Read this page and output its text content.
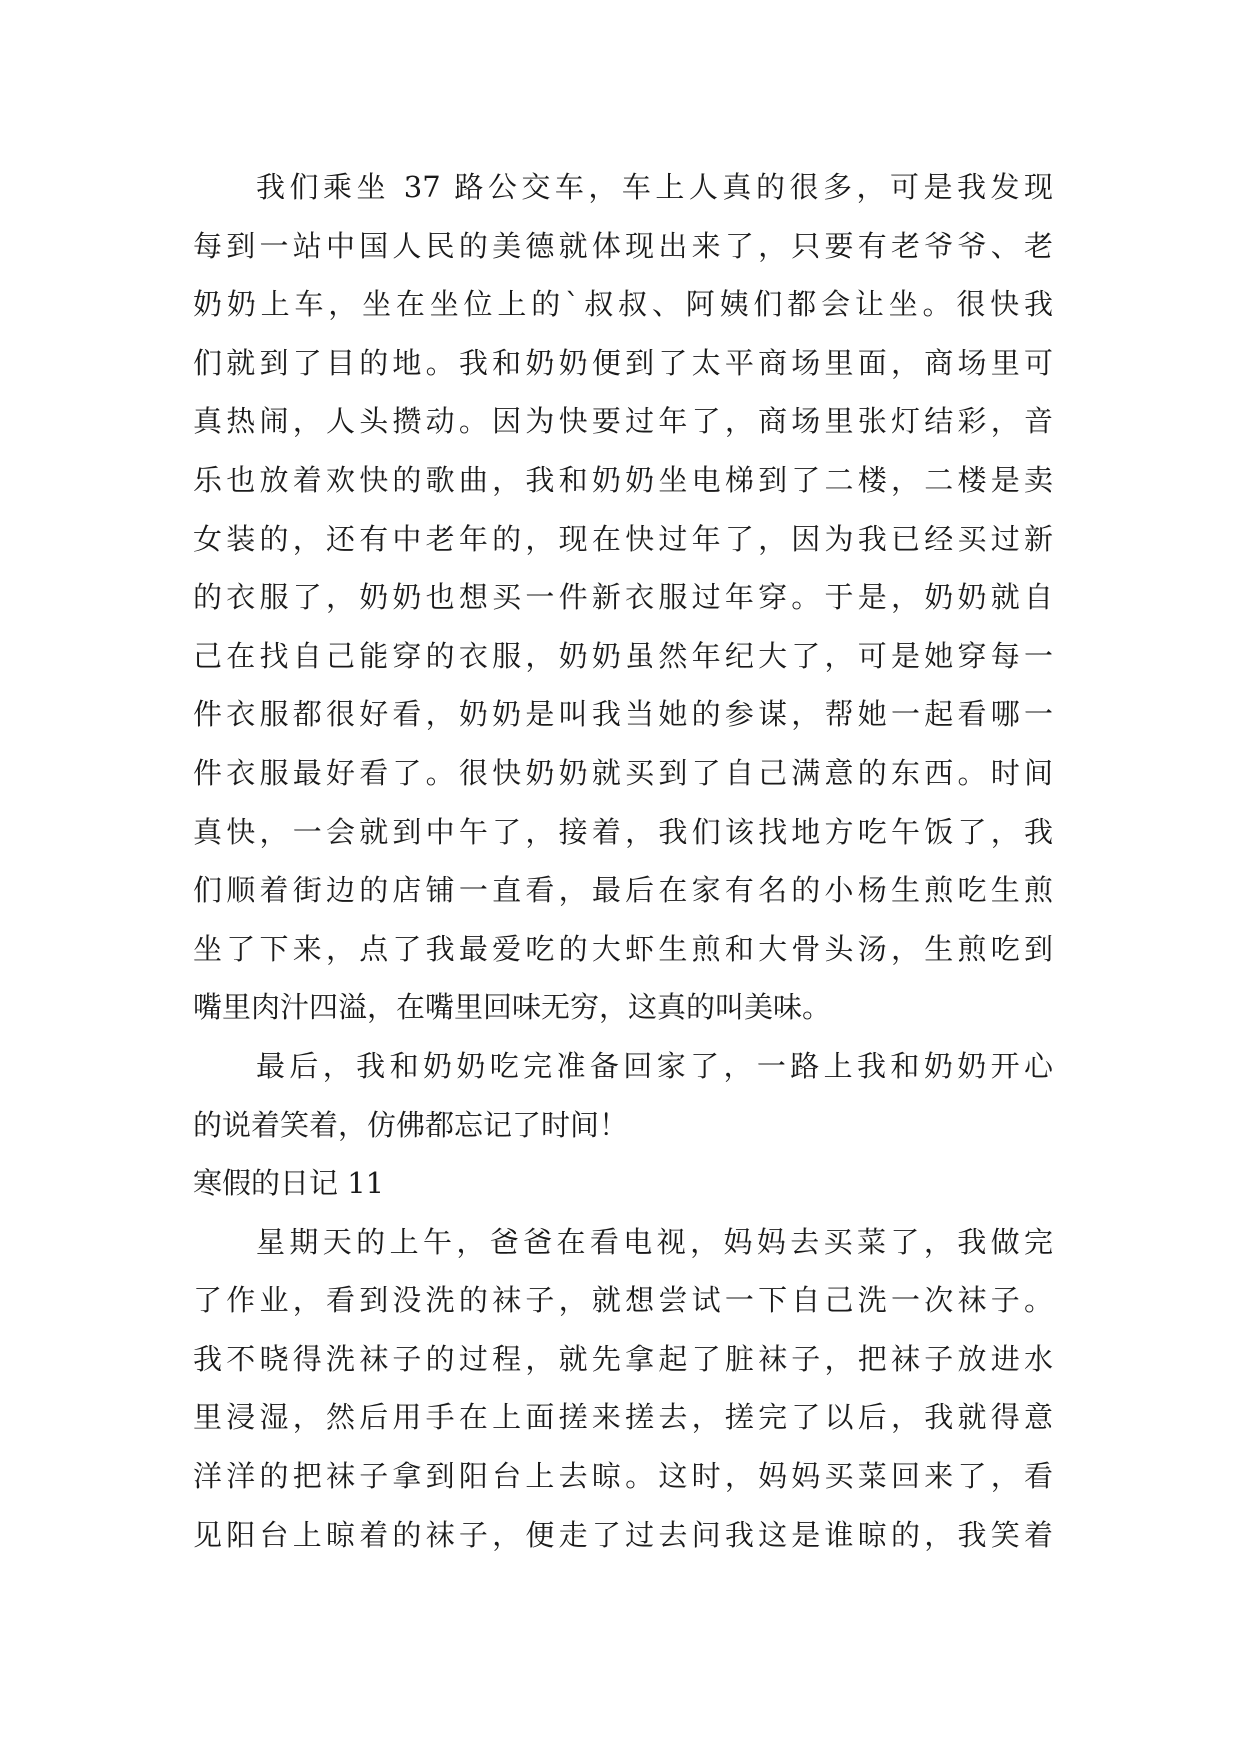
我们乘坐 37 路公交车，车上人真的很多，可是我发现
每到一站中国人民的美德就体现出来了，只要有老爷爷、老
奶奶上车，坐在坐位上的`叔叔、阿姨们都会让坐。很快我
们就到了目的地。我和奶奶便到了太平商场里面，商场里可
真热闹，人头攒动。因为快要过年了，商场里张灯结彩，音
乐也放着欢快的歌曲，我和奶奶坐电梯到了二楼，二楼是卖
女装的，还有中老年的，现在快过年了，因为我已经买过新
的衣服了，奶奶也想买一件新衣服过年穿。于是，奶奶就自
己在找自己能穿的衣服，奶奶虽然年纪大了，可是她穿每一
件衣服都很好看，奶奶是叫我当她的参谋，帮她一起看哪一
件衣服最好看了。很快奶奶就买到了自己满意的东西。时间
真快，一会就到中午了，接着，我们该找地方吃午饭了，我
们顺着街边的店铺一直看，最后在家有名的小杨生煎吃生煎
坐了下来，点了我最爱吃的大虾生煎和大骨头汤，生煎吃到
嘴里肉汁四溢，在嘴里回味无穷，这真的叫美味。
最后，我和奶奶吃完准备回家了，一路上我和奶奶开心
的说着笑着，仿佛都忘记了时间！
寒假的日记 11
星期天的上午，爸爸在看电视，妈妈去买菜了，我做完
了作业，看到没洗的袜子，就想尝试一下自己洗一次袜子。
我不晓得洗袜子的过程，就先拿起了脏袜子，把袜子放进水
里浸湿，然后用手在上面搓来搓去，搓完了以后，我就得意
洋洋的把袜子拿到阳台上去晾。这时，妈妈买菜回来了，看
见阳台上晾着的袜子，便走了过去问我这是谁晾的，我笑着
